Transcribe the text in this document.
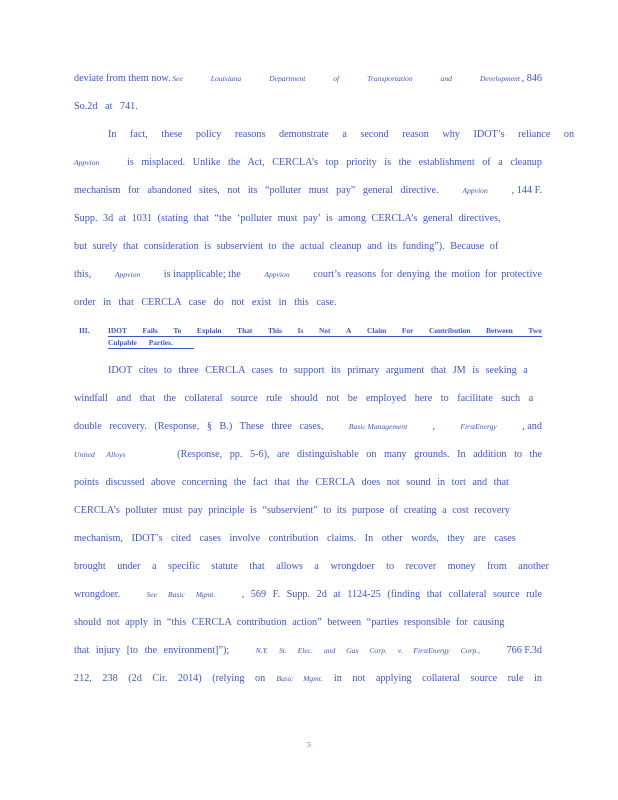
deviate from them now. See Louisiana Department of Transportation and Development , 846
So.2d at 741.
In fact, these policy reasons demonstrate a second reason why IDOT’s reliance on
Appvion	is misplaced. Unlike the Act, CERCLA’s top priority is the establishment of a cleanup
mechanism for abandoned sites, not its “polluter must pay” general directive.	Appvion , 144 F.
Supp. 3d at 1031 (stating that “the ‘polluter must pay’ is among CERCLA’s general directives,
but surely that consideration is subservient to the actual cleanup and its funding”). Because of
this,	Appvion is inapplicable; the	Appvion court’s reasons for denying the motion for protective
order in that CERCLA case do not exist in this case.
III.	IDOT Fails To Explain That This Is Not A Claim For Contribution Between Two
Culpable Parties.
IDOT cites to three CERCLA cases to support its primary argument that JM is seeking a
windfall and that the collateral source rule should not be employed here to facilitate such a
double recovery. (Response, § B.) These three cases,	Basic Management ,	FirstEnergy , and
United Alloys	(Response, pp. 5-6), are distinguishable on many grounds. In addition to the
points discussed above concerning the fact that the CERCLA does not sound in tort and that
CERCLA’s polluter must pay principle is “subservient” to its purpose of creating a cost recovery
mechanism, IDOT’s cited cases involve contribution claims. In other words, they are cases
brought under a specific statute that allows a wrongdoer to recover money from another
wrongdoer.	See Basic Mgmt.	, 569 F. Supp. 2d at 1124-25 (finding that collateral source rule
should not apply in “this CERCLA contribution action” between “parties responsible for causing
that injury [to the environment]”);	N.Y. St. Elec. and Gas Corp. v. FirstEnergy Corp.,	766 F.3d
212, 238 (2d Cir. 2014) (relying on Basic Mgmt. in not applying collateral source rule in
5
